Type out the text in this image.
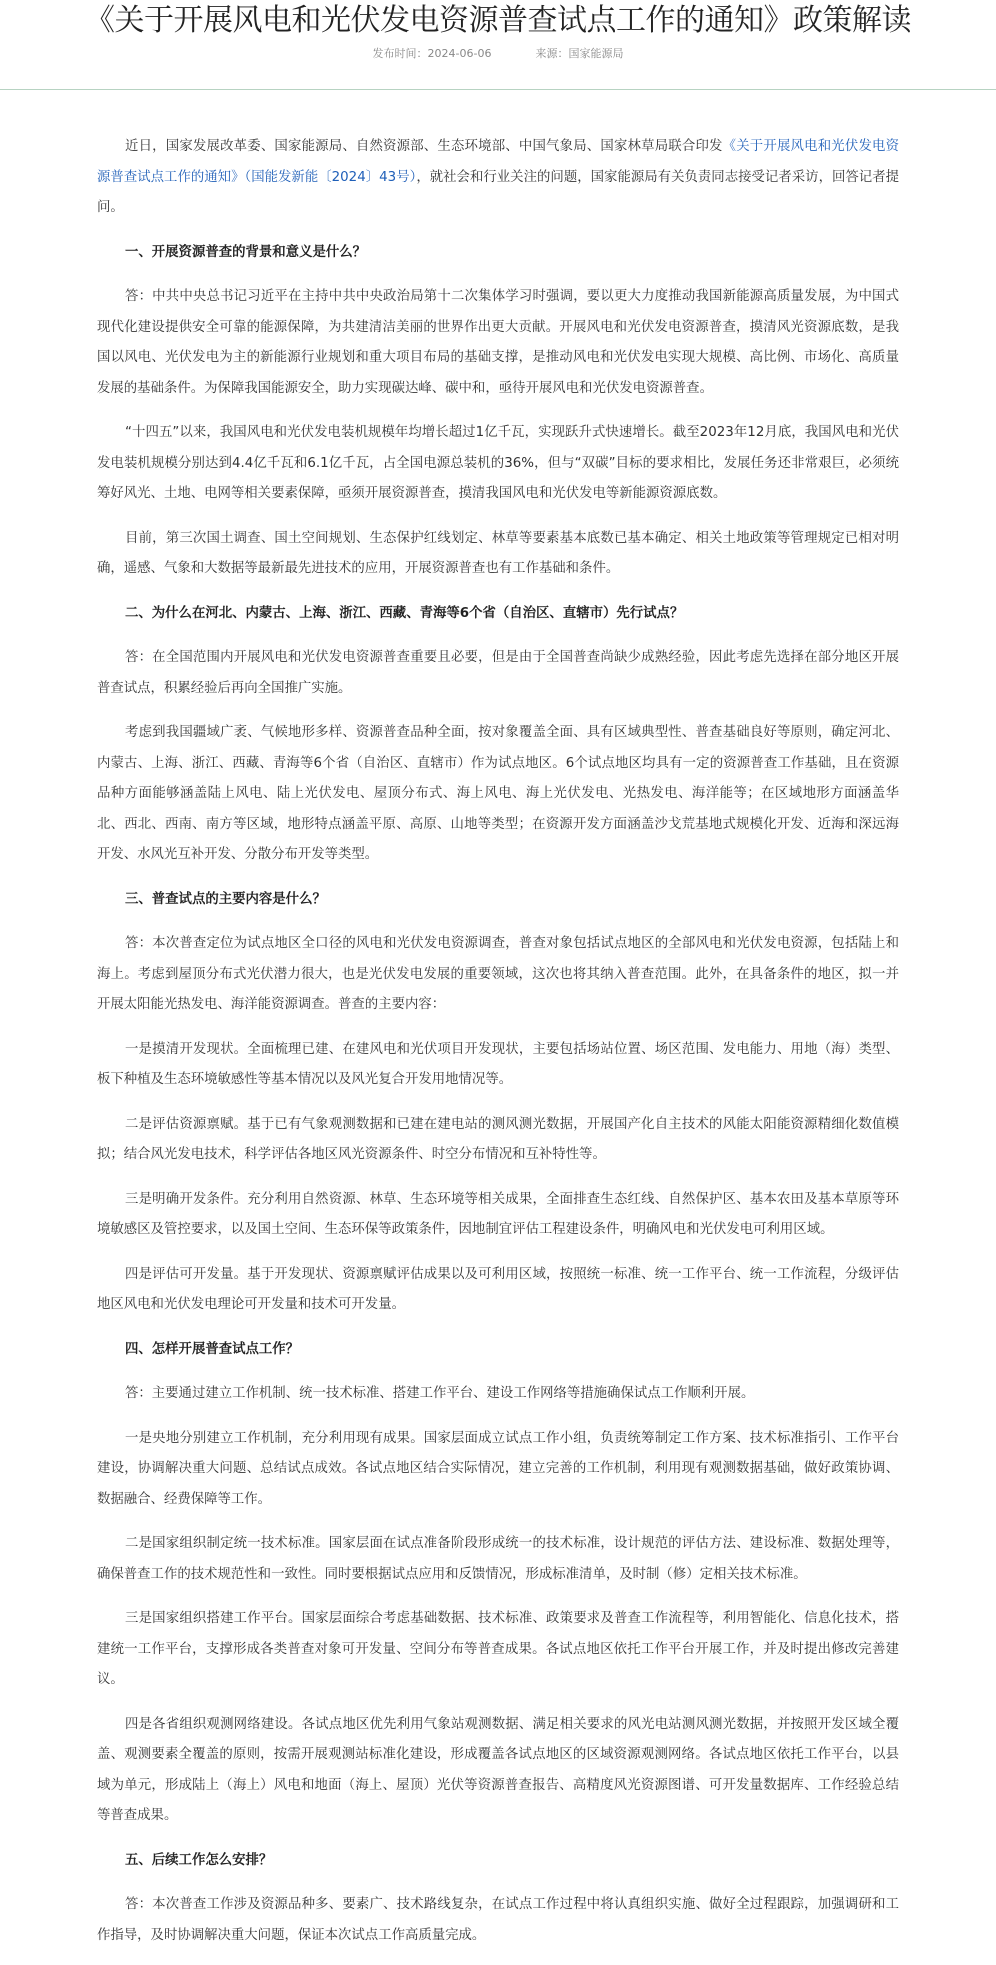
《关于开展风电和光伏发电资源普查试点工作的通知》政策解读
发布时间：2024-06-06	来源：国家能源局

近日，国家发展改革委、国家能源局、自然资源部、生态环境部、中国气象局、国家林草局联合印发《关于开展风电和光伏发电资源普查试点工作的通知》（国能发新能〔2024〕43号），就社会和行业关注的问题，国家能源局有关负责同志接受记者采访，回答记者提问。

一、开展资源普查的背景和意义是什么？

答：中共中央总书记习近平在主持中共中央政治局第十二次集体学习时强调，要以更大力度推动我国新能源高质量发展，为中国式现代化建设提供安全可靠的能源保障，为共建清洁美丽的世界作出更大贡献。开展风电和光伏发电资源普查，摸清风光资源底数，是我国以风电、光伏发电为主的新能源行业规划和重大项目布局的基础支撑，是推动风电和光伏发电实现大规模、高比例、市场化、高质量发展的基础条件。为保障我国能源安全，助力实现碳达峰、碳中和，亟待开展风电和光伏发电资源普查。

“十四五”以来，我国风电和光伏发电装机规模年均增长超过1亿千瓦，实现跃升式快速增长。截至2023年12月底，我国风电和光伏发电装机规模分别达到4.4亿千瓦和6.1亿千瓦，占全国电源总装机的36%，但与“双碳”目标的要求相比，发展任务还非常艰巨，必须统筹好风光、土地、电网等相关要素保障，亟须开展资源普查，摸清我国风电和光伏发电等新能源资源底数。

目前，第三次国土调查、国土空间规划、生态保护红线划定、林草等要素基本底数已基本确定、相关土地政策等管理规定已相对明确，遥感、气象和大数据等最新最先进技术的应用，开展资源普查也有工作基础和条件。

二、为什么在河北、内蒙古、上海、浙江、西藏、青海等6个省（自治区、直辖市）先行试点？

答：在全国范围内开展风电和光伏发电资源普查重要且必要，但是由于全国普查尚缺少成熟经验，因此考虑先选择在部分地区开展普查试点，积累经验后再向全国推广实施。

考虑到我国疆域广袤、气候地形多样、资源普查品种全面，按对象覆盖全面、具有区域典型性、普查基础良好等原则，确定河北、内蒙古、上海、浙江、西藏、青海等6个省（自治区、直辖市）作为试点地区。6个试点地区均具有一定的资源普查工作基础，且在资源品种方面能够涵盖陆上风电、陆上光伏发电、屋顶分布式、海上风电、海上光伏发电、光热发电、海洋能等；在区域地形方面涵盖华北、西北、西南、南方等区域，地形特点涵盖平原、高原、山地等类型；在资源开发方面涵盖沙戈荒基地式规模化开发、近海和深远海开发、水风光互补开发、分散分布开发等类型。

三、普查试点的主要内容是什么？

答：本次普查定位为试点地区全口径的风电和光伏发电资源调查，普查对象包括试点地区的全部风电和光伏发电资源，包括陆上和海上。考虑到屋顶分布式光伏潜力很大，也是光伏发电发展的重要领域，这次也将其纳入普查范围。此外，在具备条件的地区，拟一并开展太阳能光热发电、海洋能资源调查。普查的主要内容：

一是摸清开发现状。全面梳理已建、在建风电和光伏项目开发现状，主要包括场站位置、场区范围、发电能力、用地（海）类型、板下种植及生态环境敏感性等基本情况以及风光复合开发用地情况等。

二是评估资源禀赋。基于已有气象观测数据和已建在建电站的测风测光数据，开展国产化自主技术的风能太阳能资源精细化数值模拟；结合风光发电技术，科学评估各地区风光资源条件、时空分布情况和互补特性等。

三是明确开发条件。充分利用自然资源、林草、生态环境等相关成果，全面排查生态红线、自然保护区、基本农田及基本草原等环境敏感区及管控要求，以及国土空间、生态环保等政策条件，因地制宜评估工程建设条件，明确风电和光伏发电可利用区域。

四是评估可开发量。基于开发现状、资源禀赋评估成果以及可利用区域，按照统一标准、统一工作平台、统一工作流程，分级评估地区风电和光伏发电理论可开发量和技术可开发量。

四、怎样开展普查试点工作？

答：主要通过建立工作机制、统一技术标准、搭建工作平台、建设工作网络等措施确保试点工作顺利开展。

一是央地分别建立工作机制，充分利用现有成果。国家层面成立试点工作小组，负责统筹制定工作方案、技术标准指引、工作平台建设，协调解决重大问题、总结试点成效。各试点地区结合实际情况，建立完善的工作机制，利用现有观测数据基础，做好政策协调、数据融合、经费保障等工作。

二是国家组织制定统一技术标准。国家层面在试点准备阶段形成统一的技术标准，设计规范的评估方法、建设标准、数据处理等，确保普查工作的技术规范性和一致性。同时要根据试点应用和反馈情况，形成标准清单，及时制（修）定相关技术标准。

三是国家组织搭建工作平台。国家层面综合考虑基础数据、技术标准、政策要求及普查工作流程等，利用智能化、信息化技术，搭建统一工作平台，支撑形成各类普查对象可开发量、空间分布等普查成果。各试点地区依托工作平台开展工作，并及时提出修改完善建议。

四是各省组织观测网络建设。各试点地区优先利用气象站观测数据、满足相关要求的风光电站测风测光数据，并按照开发区域全覆盖、观测要素全覆盖的原则，按需开展观测站标准化建设，形成覆盖各试点地区的区域资源观测网络。各试点地区依托工作平台，以县域为单元，形成陆上（海上）风电和地面（海上、屋顶）光伏等资源普查报告、高精度风光资源图谱、可开发量数据库、工作经验总结等普查成果。

五、后续工作怎么安排？

答：本次普查工作涉及资源品种多、要素广、技术路线复杂，在试点工作过程中将认真组织实施、做好全过程跟踪，加强调研和工作指导，及时协调解决重大问题，保证本次试点工作高质量完成。
